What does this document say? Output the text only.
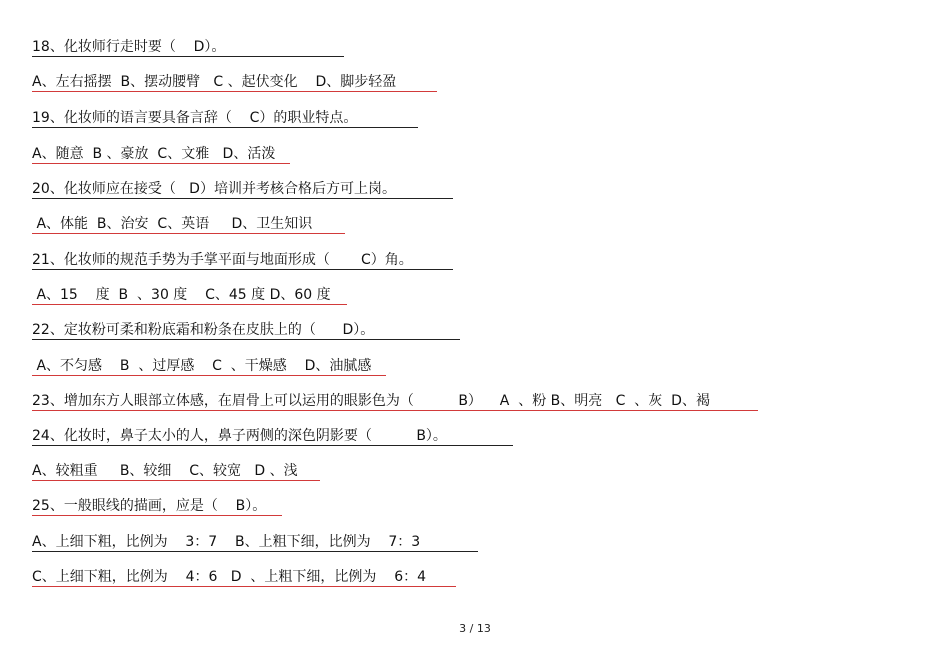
18、化妆师行走时要（    D）。
A、左右摇摆  B、摆动腰臂   C 、起伏变化    D、脚步轻盈
19、化妆师的语言要具备言辞（    C）的职业特点。
A、随意  B 、豪放  C、文雅   D、活泼
20、化妆师应在接受（   D）培训并考核合格后方可上岗。
A、体能  B、治安  C、英语     D、卫生知识
21、化妆师的规范手势为手掌平面与地面形成（       C）角。
A、15    度  B  、30 度    C、45 度 D、60 度
22、定妆粉可柔和粉底霜和粉条在皮肤上的（      D）。
A、不匀感    B  、过厚感    C  、干燥感    D、油腻感
23、增加东方人眼部立体感，在眉骨上可以运用的眼影色为（          B）    A  、粉 B、明亮   C  、灰  D、褐
24、化妆时，鼻子太小的人，鼻子两侧的深色阴影要（          B）。
A、较粗重     B、较细    C、较宽   D 、浅
25、一般眼线的描画，应是（    B）。
A、上细下粗，比例为    3：7    B、上粗下细，比例为    7：3
C、上细下粗，比例为    4：6   D  、上粗下细，比例为    6：4
3 / 13
